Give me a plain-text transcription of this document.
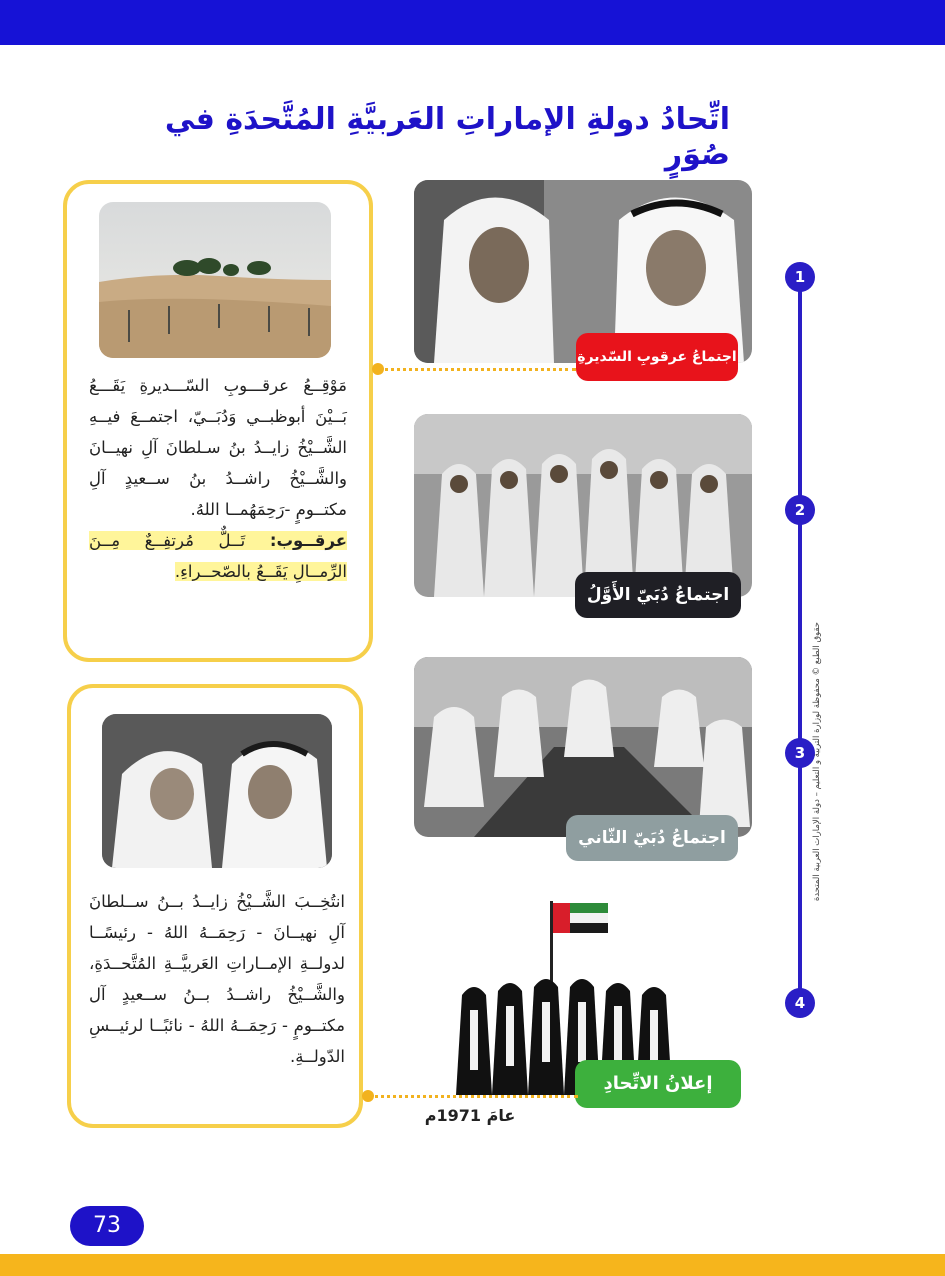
اتِّحادُ دولةِ الإماراتِ العَربيَّةِ المُتَّحدَةِ في صُوَرٍ
مَوْقِــعُ عرقـــوبِ السّـــديرةِ يَقَـــعُ بَــيْنَ أبوظبــي وَدُبَــيّ، اجتمــعَ فيــهِ الشَّــيْخُ زايــدُ بنُ سـلطانَ آلِ نهيــانَ والشَّــيْخُ راشــدُ بنُ ســعيدٍ آلِ مكتــومٍ -رَحِمَهُمــا اللهُ.
عرقــوب: تَــلٌّ مُرتفِــعٌ مِــنَ الرِّمــالِ يَقَــعُ بالصّحــراءِ.
انتُخِــبَ الشَّــيْخُ زايــدُ بــنُ ســلطانَ آلِ نهيــانَ - رَحِمَــهُ اللهُ - رئيسًــا لدولــةِ الإمــاراتِ العَربيَّــةِ المُتَّحــدَةِ، والشَّــيْخُ راشــدُ بــنُ ســعيدٍ آل مكتــومٍ - رَحِمَــهُ اللهُ - نائبًــا لرئيــسِ الدّولــةِ.
1
2
3
4
اجتماعُ عرقوبِ السّديرةِ
اجتماعُ دُبَيّ الأَوَّلُ
اجتماعُ دُبَيّ الثّاني
إعلانُ الاتِّحادِ
عامَ 1971م
حقوق الطبع © محفوظة لوزارة التربية و التعليم – دولة الإمارات العربية المتحدة
73
